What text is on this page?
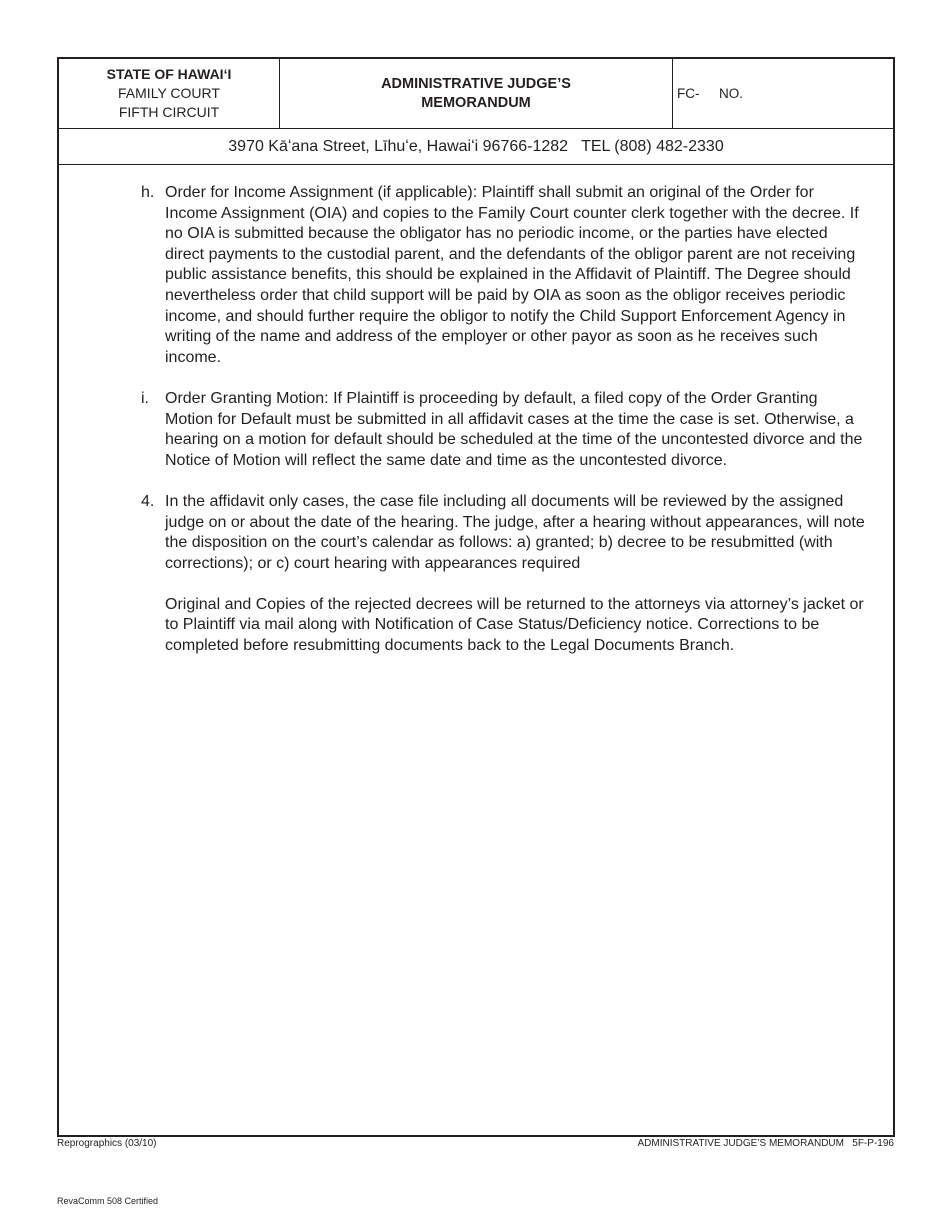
STATE OF HAWAIʻI
FAMILY COURT
FIFTH CIRCUIT
ADMINISTRATIVE JUDGE’S
MEMORANDUM
FC-	NO.
3970 Kāʻana Street, Līhuʻe, Hawaiʻi 96766-1282   TEL (808) 482-2330
h. Order for Income Assignment (if applicable): Plaintiff shall submit an original of the Order for Income Assignment (OIA) and copies to the Family Court counter clerk together with the decree. If no OIA is submitted because the obligator has no periodic income, or the parties have elected direct payments to the custodial parent, and the defendants of the obligor parent are not receiving public assistance benefits, this should be explained in the Affidavit of Plaintiff. The Degree should nevertheless order that child support will be paid by OIA as soon as the obligor receives periodic income, and should further require the obligor to notify the Child Support Enforcement Agency in writing of the name and address of the employer or other payor as soon as he receives such income.
i. Order Granting Motion: If Plaintiff is proceeding by default, a filed copy of the Order Granting Motion for Default must be submitted in all affidavit cases at the time the case is set. Otherwise, a hearing on a motion for default should be scheduled at the time of the uncontested divorce and the Notice of Motion will reflect the same date and time as the uncontested divorce.
4. In the affidavit only cases, the case file including all documents will be reviewed by the assigned judge on or about the date of the hearing. The judge, after a hearing without appearances, will note the disposition on the court’s calendar as follows: a) granted; b) decree to be resubmitted (with corrections); or c) court hearing with appearances required
Original and Copies of the rejected decrees will be returned to the attorneys via attorney’s jacket or to Plaintiff via mail along with Notification of Case Status/Deficiency notice. Corrections to be completed before resubmitting documents back to the Legal Documents Branch.
Reprographics (03/10)	ADMINISTRATIVE JUDGE’S MEMORANDUM   5F-P-196
RevaComm 508 Certified
